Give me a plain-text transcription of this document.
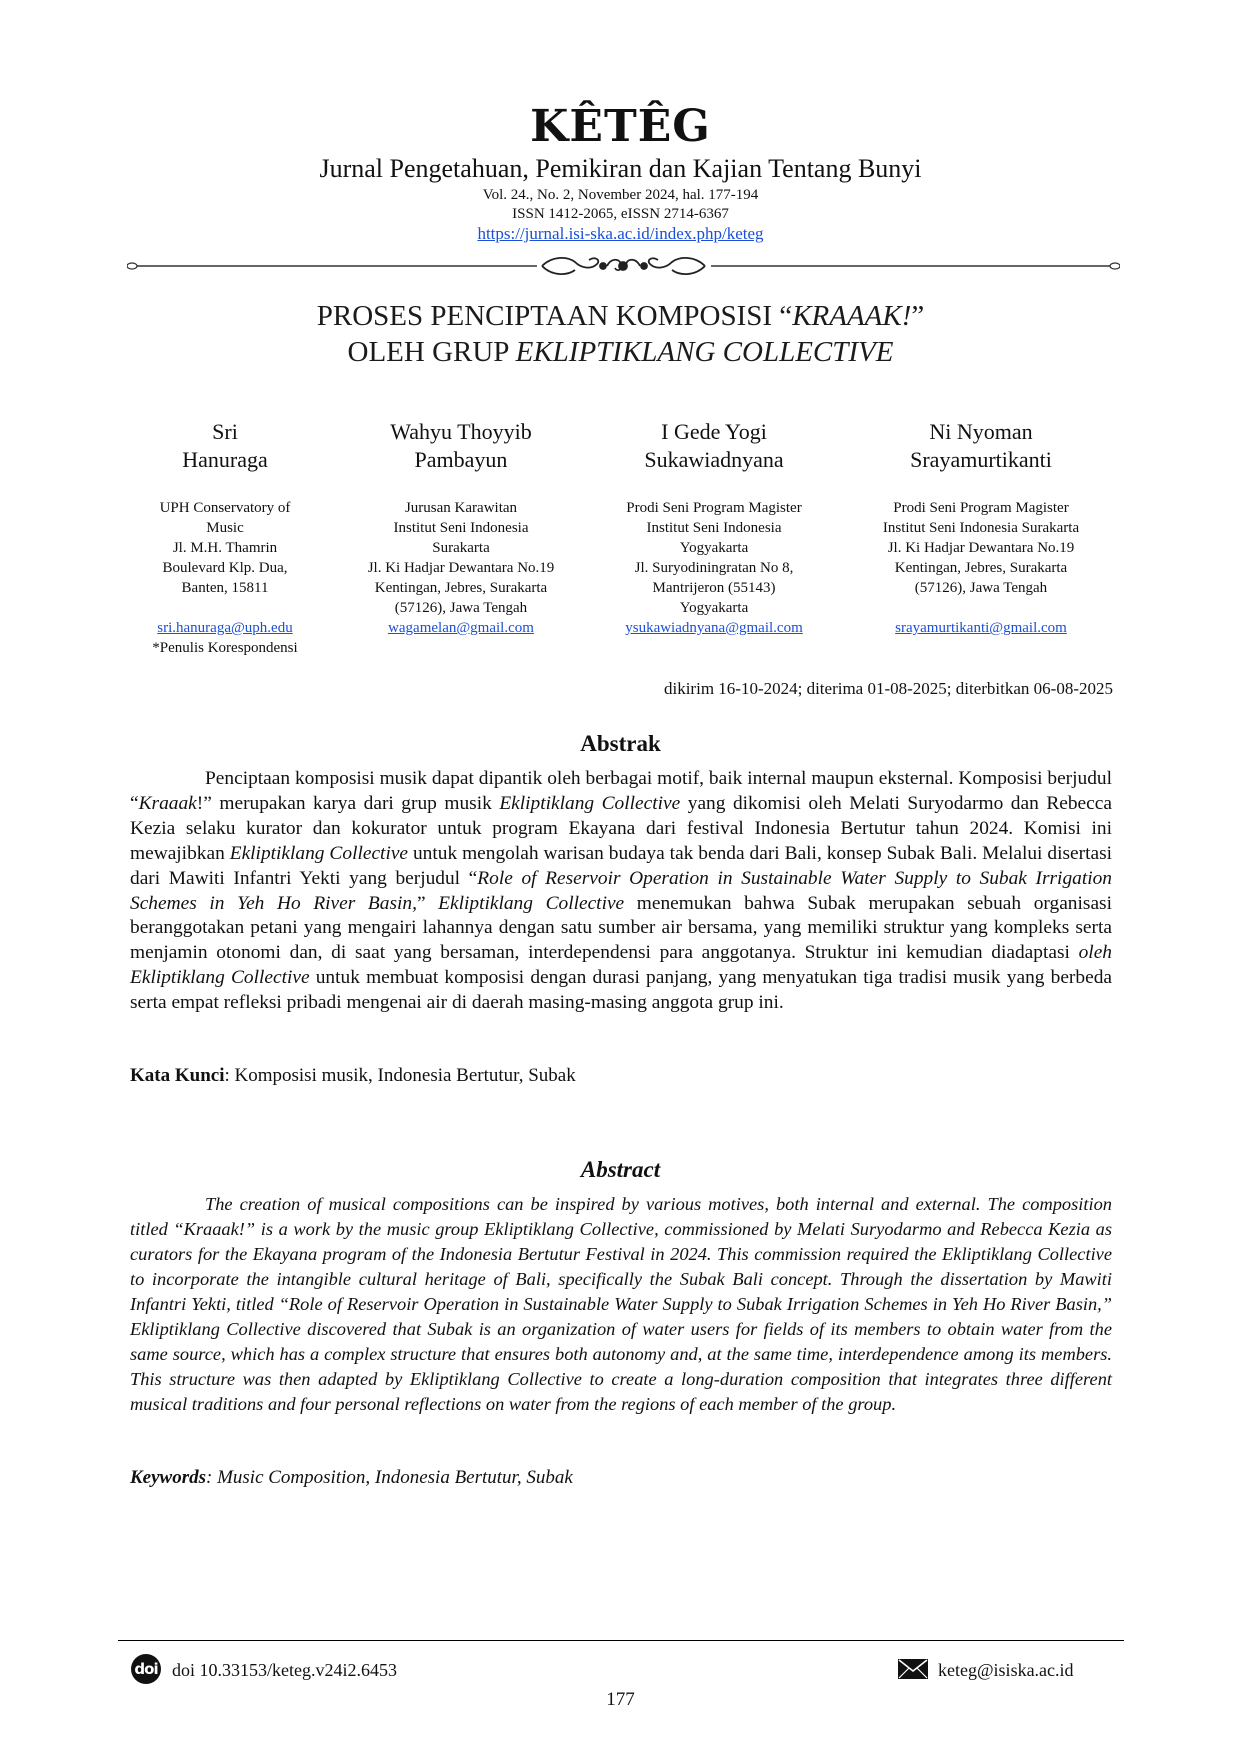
KÊTÊG
Jurnal Pengetahuan, Pemikiran dan Kajian Tentang Bunyi
Vol. 24., No. 2, November 2024, hal. 177-194
ISSN 1412-2065, eISSN 2714-6367
https://jurnal.isi-ska.ac.id/index.php/keteg
PROSES PENCIPTAAN KOMPOSISI “KRAAAK!”
OLEH GRUP EKLIPTIKLANG COLLECTIVE
Sri
Hanuraga
UPH Conservatory of
Music
Jl. M.H. Thamrin
Boulevard Klp. Dua,
Banten, 15811
sri.hanuraga@uph.edu
*Penulis Korespondensi
Wahyu Thoyyib
Pambayun
Jurusan Karawitan
Institut Seni Indonesia
Surakarta
Jl. Ki Hadjar Dewantara No.19
Kentingan, Jebres, Surakarta
(57126), Jawa Tengah
wagamelan@gmail.com
I Gede Yogi
Sukawiadnyana
Prodi Seni Program Magister
Institut Seni Indonesia
Yogyakarta
Jl. Suryodiningratan No 8,
Mantrijeron (55143)
Yogyakarta
ysukawiadnyana@gmail.com
Ni Nyoman
Srayamurtikanti
Prodi Seni Program Magister
Institut Seni Indonesia Surakarta
Jl. Ki Hadjar Dewantara No.19
Kentingan, Jebres, Surakarta
(57126), Jawa Tengah
srayamurtikanti@gmail.com
dikirim 16-10-2024; diterima 01-08-2025; diterbitkan 06-08-2025
Abstrak
Penciptaan komposisi musik dapat dipantik oleh berbagai motif, baik internal maupun eksternal. Komposisi berjudul “Kraaak!” merupakan karya dari grup musik Ekliptiklang Collective yang dikomisi oleh Melati Suryodarmo dan Rebecca Kezia selaku kurator dan kokurator untuk program Ekayana dari festival Indonesia Bertutur tahun 2024. Komisi ini mewajibkan Ekliptiklang Collective untuk mengolah warisan budaya tak benda dari Bali, konsep Subak Bali. Melalui disertasi dari Mawiti Infantri Yekti yang berjudul “Role of Reservoir Operation in Sustainable Water Supply to Subak Irrigation Schemes in Yeh Ho River Basin,” Ekliptiklang Collective menemukan bahwa Subak merupakan sebuah organisasi beranggotakan petani yang mengairi lahannya dengan satu sumber air bersama, yang memiliki struktur yang kompleks serta menjamin otonomi dan, di saat yang bersaman, interdependensi para anggotanya. Struktur ini kemudian diadaptasi oleh Ekliptiklang Collective untuk membuat komposisi dengan durasi panjang, yang menyatukan tiga tradisi musik yang berbeda serta empat refleksi pribadi mengenai air di daerah masing-masing anggota grup ini.
Kata Kunci: Komposisi musik, Indonesia Bertutur, Subak
Abstract
The creation of musical compositions can be inspired by various motives, both internal and external. The composition titled “Kraaak!” is a work by the music group Ekliptiklang Collective, commissioned by Melati Suryodarmo and Rebecca Kezia as curators for the Ekayana program of the Indonesia Bertutur Festival in 2024. This commission required the Ekliptiklang Collective to incorporate the intangible cultural heritage of Bali, specifically the Subak Bali concept. Through the dissertation by Mawiti Infantri Yekti, titled “Role of Reservoir Operation in Sustainable Water Supply to Subak Irrigation Schemes in Yeh Ho River Basin,” Ekliptiklang Collective discovered that Subak is an organization of water users for fields of its members to obtain water from the same source, which has a complex structure that ensures both autonomy and, at the same time, interdependence among its members. This structure was then adapted by Ekliptiklang Collective to create a long-duration composition that integrates three different musical traditions and four personal reflections on water from the regions of each member of the group.
Keywords: Music Composition, Indonesia Bertutur, Subak
doi doi 10.33153/keteg.v24i2.6453	keteg@isiska.ac.id
177
